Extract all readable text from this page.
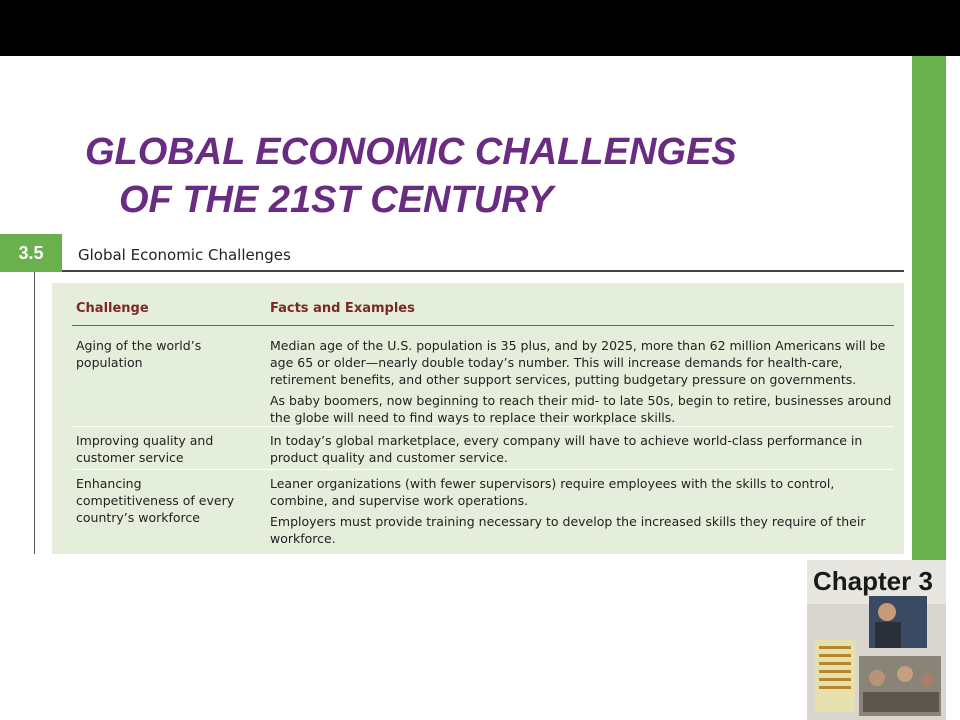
GLOBAL ECONOMIC CHALLENGES
OF THE 21ST CENTURY
3.5	Global Economic Challenges
Challenge	Facts and Examples
Aging of the world’s population

Median age of the U.S. population is 35 plus, and by 2025, more than 62 million Americans will be age 65 or older—nearly double today’s number. This will increase demands for health-care, retirement benefits, and other support services, putting budgetary pressure on governments.

As baby boomers, now beginning to reach their mid- to late 50s, begin to retire, businesses around the globe will need to find ways to replace their workplace skills.

Improving quality and customer service

In today’s global marketplace, every company will have to achieve world-class performance in product quality and customer service.

Enhancing competitiveness of every country’s workforce

Leaner organizations (with fewer supervisors) require employees with the skills to control, combine, and supervise work operations.

Employers must provide training necessary to develop the increased skills they require of their workforce.

Chapter 3
